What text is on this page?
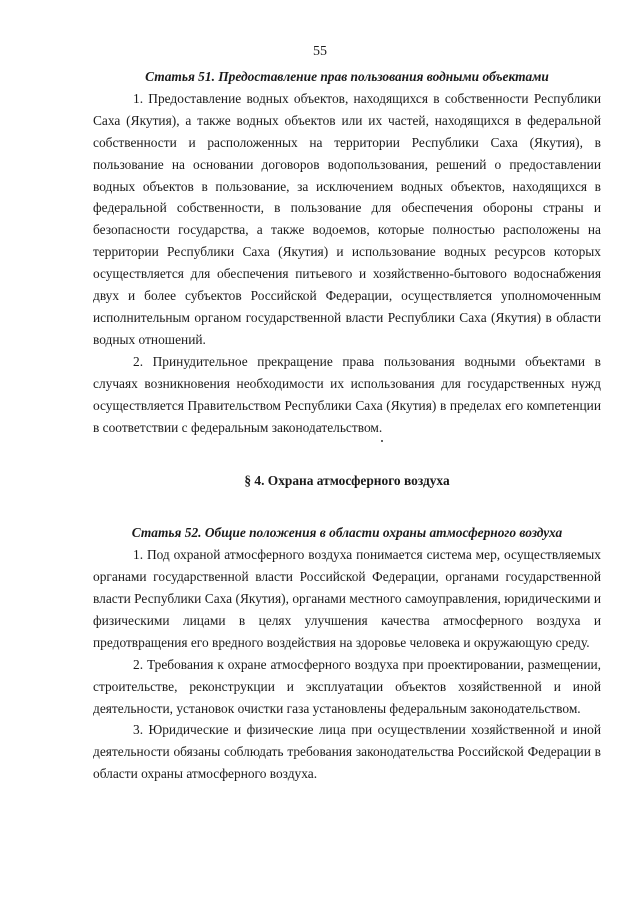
55

Статья 51. Предоставление прав пользования водными объектами

1. Предоставление водных объектов, находящихся в собственности Республики Саха (Якутия), а также водных объектов или их частей, находящихся в федеральной собственности и расположенных на территории Республики Саха (Якутия), в пользование на основании договоров водопользования, решений о предоставлении водных объектов в пользование, за исключением водных объектов, находящихся в федеральной собственности, в пользование для обеспечения обороны страны и безопасности государства, а также водоемов, которые полностью расположены на территории Республики Саха (Якутия) и использование водных ресурсов которых осуществляется для обеспечения питьевого и хозяйственно-бытового водоснабжения двух и более субъектов Российской Федерации, осуществляется уполномоченным исполнительным органом государственной власти Республики Саха (Якутия) в области водных отношений.

2. Принудительное прекращение права пользования водными объектами в случаях возникновения необходимости их использования для государственных нужд осуществляется Правительством Республики Саха (Якутия) в пределах его компетенции в соответствии с федеральным законодательством.

§ 4. Охрана атмосферного воздуха

Статья 52. Общие положения в области охраны атмосферного воздуха

1. Под охраной атмосферного воздуха понимается система мер, осуществляемых органами государственной власти Российской Федерации, органами государственной власти Республики Саха (Якутия), органами местного самоуправления, юридическими и физическими лицами в целях улучшения качества атмосферного воздуха и предотвращения его вредного воздействия на здоровье человека и окружающую среду.

2. Требования к охране атмосферного воздуха при проектировании, размещении, строительстве, реконструкции и эксплуатации объектов хозяйственной и иной деятельности, установок очистки газа установлены федеральным законодательством.

3. Юридические и физические лица при осуществлении хозяйственной и иной деятельности обязаны соблюдать требования законодательства Российской Федерации в области охраны атмосферного воздуха.
